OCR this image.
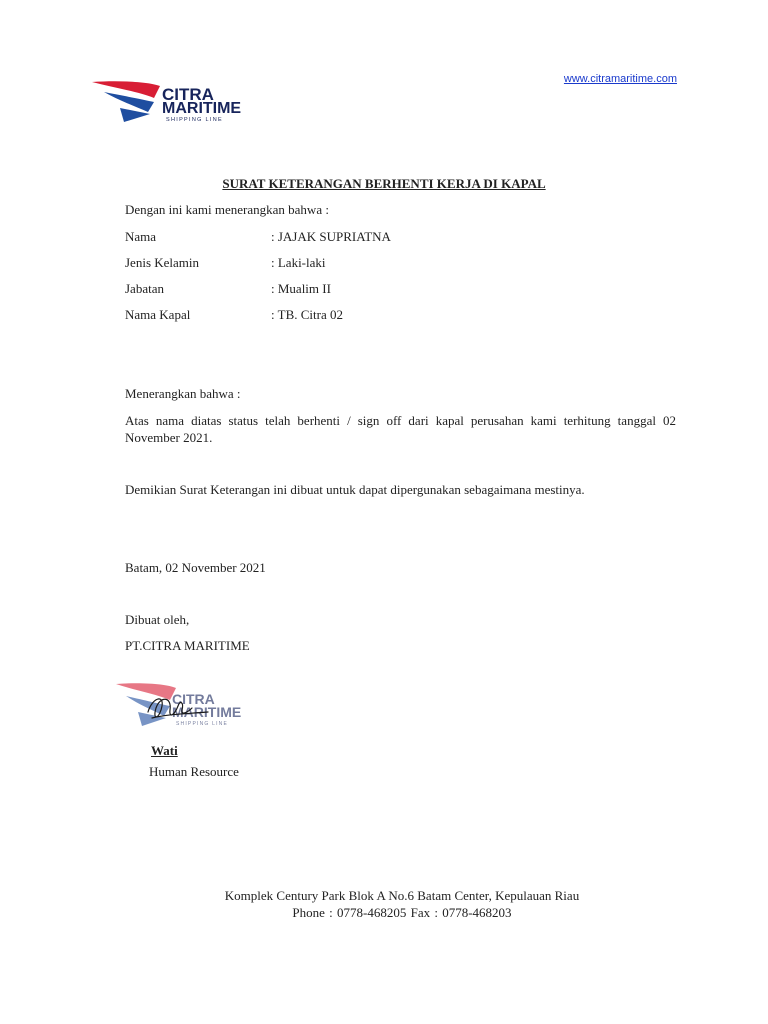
CITRA
MARITIME
SHIPPING LINE
www.citramaritime.com
SURAT KETERANGAN BERHENTI KERJA DI KAPAL
Dengan ini kami menerangkan bahwa :
Nama	: JAJAK SUPRIATNA
Jenis Kelamin	: Laki-laki
Jabatan	: Mualim II
Nama Kapal	: TB. Citra 02
Menerangkan bahwa :
Atas nama diatas status telah berhenti / sign off dari kapal perusahan kami terhitung tanggal 02 November 2021.
Demikian Surat Keterangan ini dibuat untuk dapat dipergunakan sebagaimana mestinya.
Batam, 02 November 2021
Dibuat oleh,
PT.CITRA MARITIME
CITRA
MARITIME
SHIPPING LINE
Wati
Human Resource
Komplek Century Park Blok A No.6 Batam Center, Kepulauan Riau
Phone : 0778-468205 Fax : 0778-468203
